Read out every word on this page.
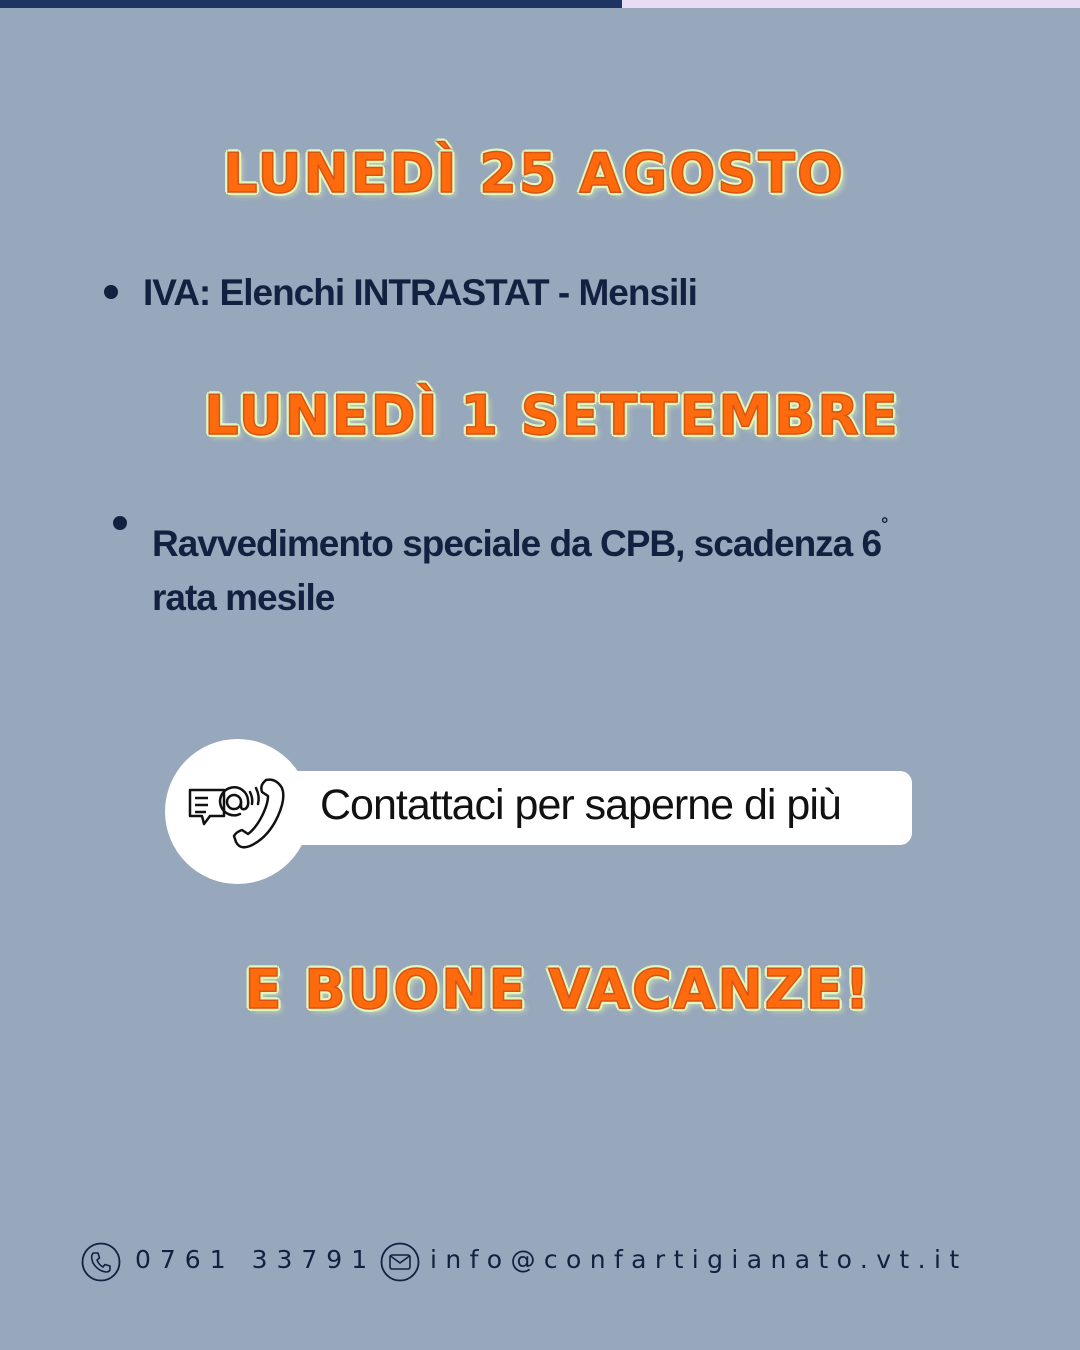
LUNEDÌ 25 AGOSTO
IVA: Elenchi INTRASTAT - Mensili
LUNEDÌ 1 SETTEMBRE
Ravvedimento speciale da CPB, scadenza 6°
rata mesile
Contattaci per saperne di più
E BUONE VACANZE!
0761 33791 info@confartigianato.vt.it
